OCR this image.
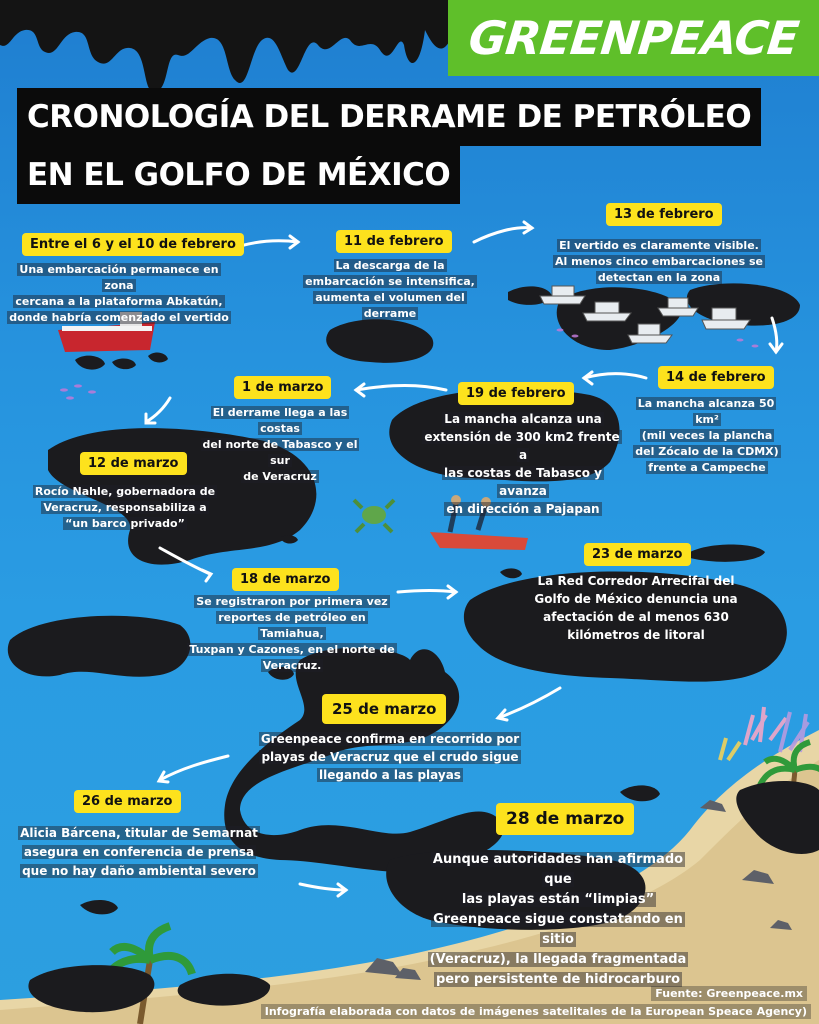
GREENPEACE
CRONOLOGÍA DEL DERRAME DE PETRÓLEO
EN EL GOLFO DE MÉXICO
Entre el 6 y el 10 de febrero
Una embarcación permanece en zona
cercana a la plataforma Abkatún,
donde habría comenzado el vertido
11 de febrero
La descarga de la
embarcación se intensifica,
aumenta el volumen del
derrame
13 de febrero
El vertido es claramente visible.
Al menos cinco embarcaciones se
detectan en la zona
14 de febrero
La mancha alcanza 50 km²
(mil veces la plancha
del Zócalo de la CDMX)
frente a Campeche
19 de febrero
La mancha alcanza una
extensión de 300 km2 frente a
las costas de Tabasco y avanza
en dirección a Pajapan
1 de marzo
El derrame llega a las costas
del norte de Tabasco y el sur
de Veracruz
12 de marzo
Rocío Nahle, gobernadora de
Veracruz, responsabiliza a
“un barco privado”
18 de marzo
Se registraron por primera vez
reportes de petróleo en Tamiahua,
Tuxpan y Cazones, en el norte de
Veracruz.
23 de marzo
La Red Corredor Arrecifal del
Golfo de México denuncia una
afectación de al menos 630
kilómetros de litoral
25 de marzo
Greenpeace confirma en recorrido por
playas de Veracruz que el crudo sigue
llegando a las playas
26 de marzo
Alicia Bárcena, titular de Semarnat
asegura en conferencia de prensa
que no hay daño ambiental severo
28 de marzo
Aunque autoridades han afirmado que
las playas están “limpias”
Greenpeace sigue constatando en sitio
(Veracruz), la llegada fragmentada
pero persistente de hidrocarburo
Fuente: Greenpeace.mx
Infografía elaborada con datos de imágenes satelitales de la European Speace Agency)
